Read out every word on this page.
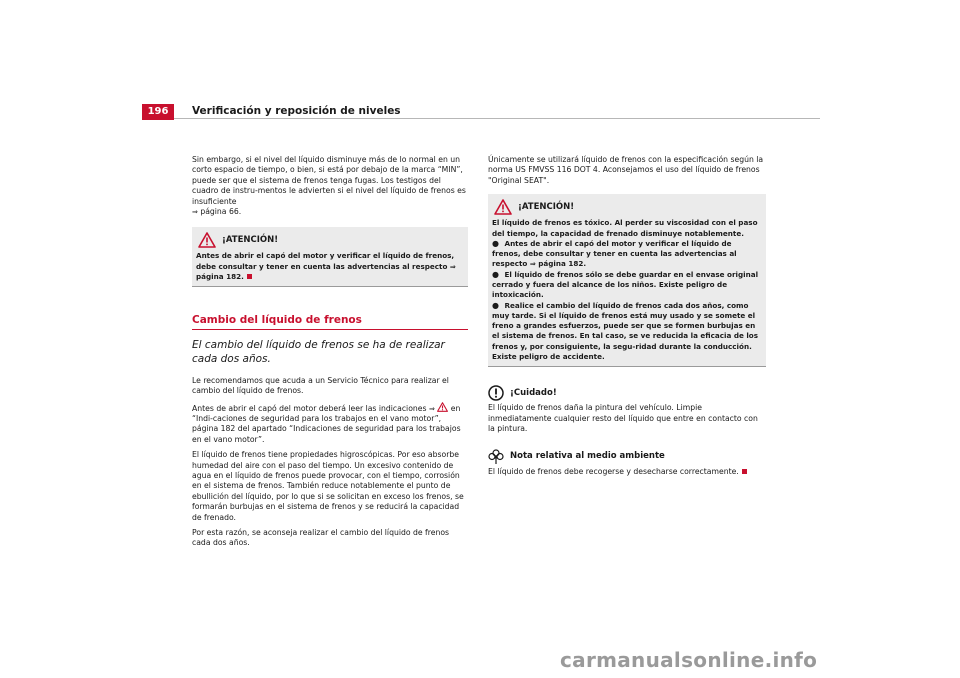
196	Verificación y reposición de niveles

Sin embargo, si el nivel del líquido disminuye más de lo normal en un corto espacio de tiempo, o bien, si está por debajo de la marca “MIN”, puede ser que el sistema de frenos tenga fugas. Los testigos del cuadro de instru-mentos le advierten si el nivel del líquido de frenos es insuficiente
⇒ página 66.

¡ATENCIÓN!
Antes de abrir el capó del motor y verificar el líquido de frenos, debe consultar y tener en cuenta las advertencias al respecto ⇒ página 182.
Cambio del líquido de frenos
El cambio del líquido de frenos se ha de realizar cada dos años.

Le recomendamos que acuda a un Servicio Técnico para realizar el cambio del líquido de frenos.

Antes de abrir el capó del motor deberá leer las indicaciones ⇒ en “Indi-caciones de seguridad para los trabajos en el vano motor”, página 182 del apartado “Indicaciones de seguridad para los trabajos en el vano motor”.

El líquido de frenos tiene propiedades higroscópicas. Por eso absorbe humedad del aire con el paso del tiempo. Un excesivo contenido de agua en el líquido de frenos puede provocar, con el tiempo, corrosión en el sistema de frenos. También reduce notablemente el punto de ebullición del líquido, por lo que si se solicitan en exceso los frenos, se formarán burbujas en el sistema de frenos y se reducirá la capacidad de frenado.

Por esta razón, se aconseja realizar el cambio del líquido de frenos cada dos años.

Únicamente se utilizará líquido de frenos con la especificación según la norma US FMVSS 116 DOT 4. Aconsejamos el uso del líquido de frenos "Original SEAT".

¡ATENCIÓN!
El líquido de frenos es tóxico. Al perder su viscosidad con el paso del tiempo, la capacidad de frenado disminuye notablemente.
● Antes de abrir el capó del motor y verificar el líquido de frenos, debe consultar y tener en cuenta las advertencias al respecto ⇒ página 182.
● El líquido de frenos sólo se debe guardar en el envase original cerrado y fuera del alcance de los niños. Existe peligro de intoxicación.
● Realice el cambio del líquido de frenos cada dos años, como muy tarde. Si el líquido de frenos está muy usado y se somete el freno a grandes esfuerzos, puede ser que se formen burbujas en el sistema de frenos. En tal caso, se ve reducida la eficacia de los frenos y, por consiguiente, la segu-ridad durante la conducción. Existe peligro de accidente.
¡Cuidado!

El líquido de frenos daña la pintura del vehículo. Limpie inmediatamente cualquier resto del líquido que entre en contacto con la pintura.

Nota relativa al medio ambiente

El líquido de frenos debe recogerse y desecharse correctamente.

carmanualsonline.info
